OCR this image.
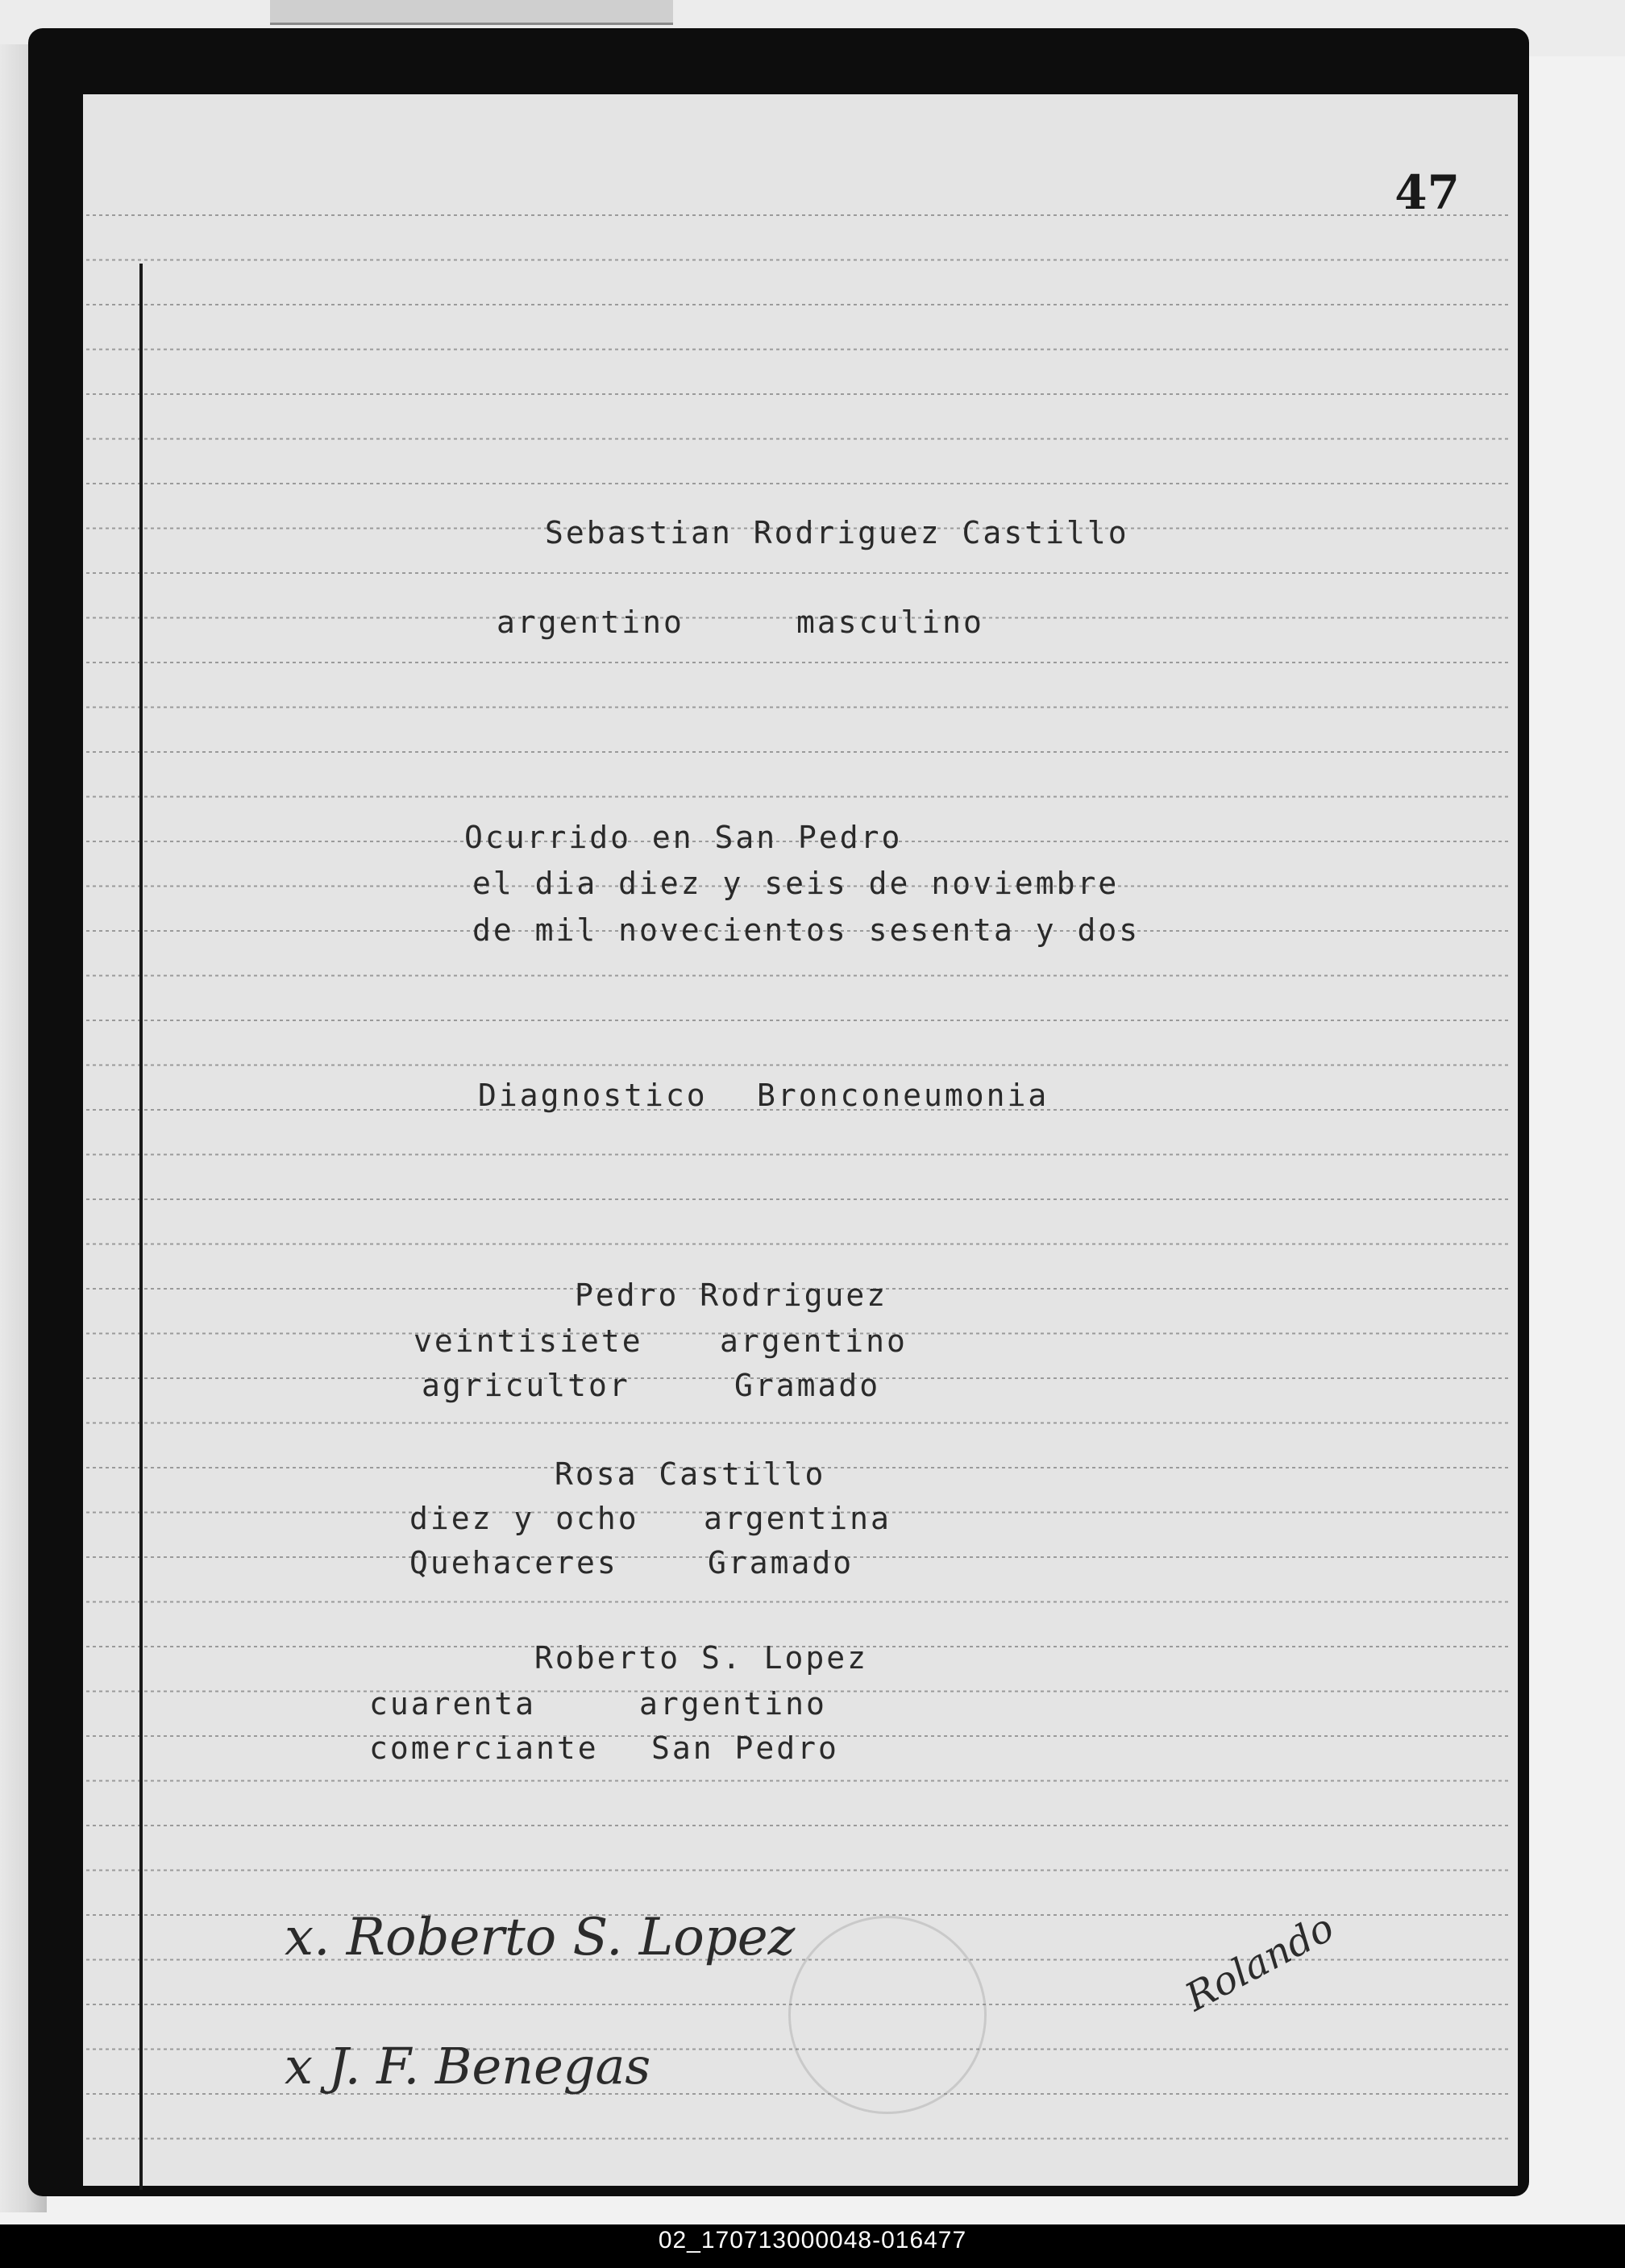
47
Sebastian Rodriguez Castillo
argentino	masculino
Ocurrido en San Pedro
el dia diez y seis de noviembre
de mil novecientos sesenta y dos
Diagnostico Bronconeumonia
Pedro Rodriguez
veintisiete	argentino
agricultor	Gramado
Rosa Castillo
diez y ocho argentina
Quehaceres	Gramado
Roberto S. Lopez
cuarenta	argentino
comerciante San Pedro
x. Roberto S. Lopez
x J. F. Benegas
Rolando
02_170713000048-016477
